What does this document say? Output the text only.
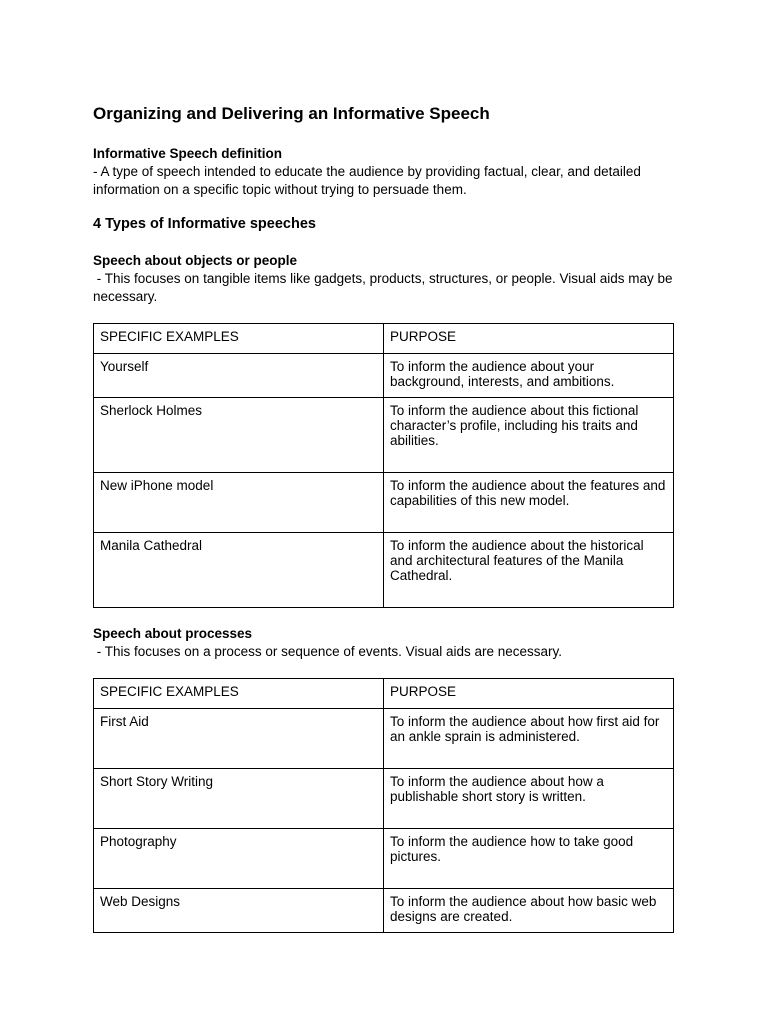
Organizing and Delivering an Informative Speech
Informative Speech definition
- A type of speech intended to educate the audience by providing factual, clear, and detailed information on a specific topic without trying to persuade them.
4 Types of Informative speeches
Speech about objects or people
- This focuses on tangible items like gadgets, products, structures, or people. Visual aids may be necessary.
SPECIFIC EXAMPLES	PURPOSE
Yourself	To inform the audience about your background, interests, and ambitions.
Sherlock Holmes	To inform the audience about this fictional character’s profile, including his traits and abilities.
New iPhone model	To inform the audience about the features and capabilities of this new model.
Manila Cathedral	To inform the audience about the historical and architectural features of the Manila Cathedral.
Speech about processes
- This focuses on a process or sequence of events. Visual aids are necessary.
SPECIFIC EXAMPLES	PURPOSE
First Aid	To inform the audience about how first aid for an ankle sprain is administered.
Short Story Writing	To inform the audience about how a publishable short story is written.
Photography	To inform the audience how to take good pictures.
Web Designs	To inform the audience about how basic web designs are created.
